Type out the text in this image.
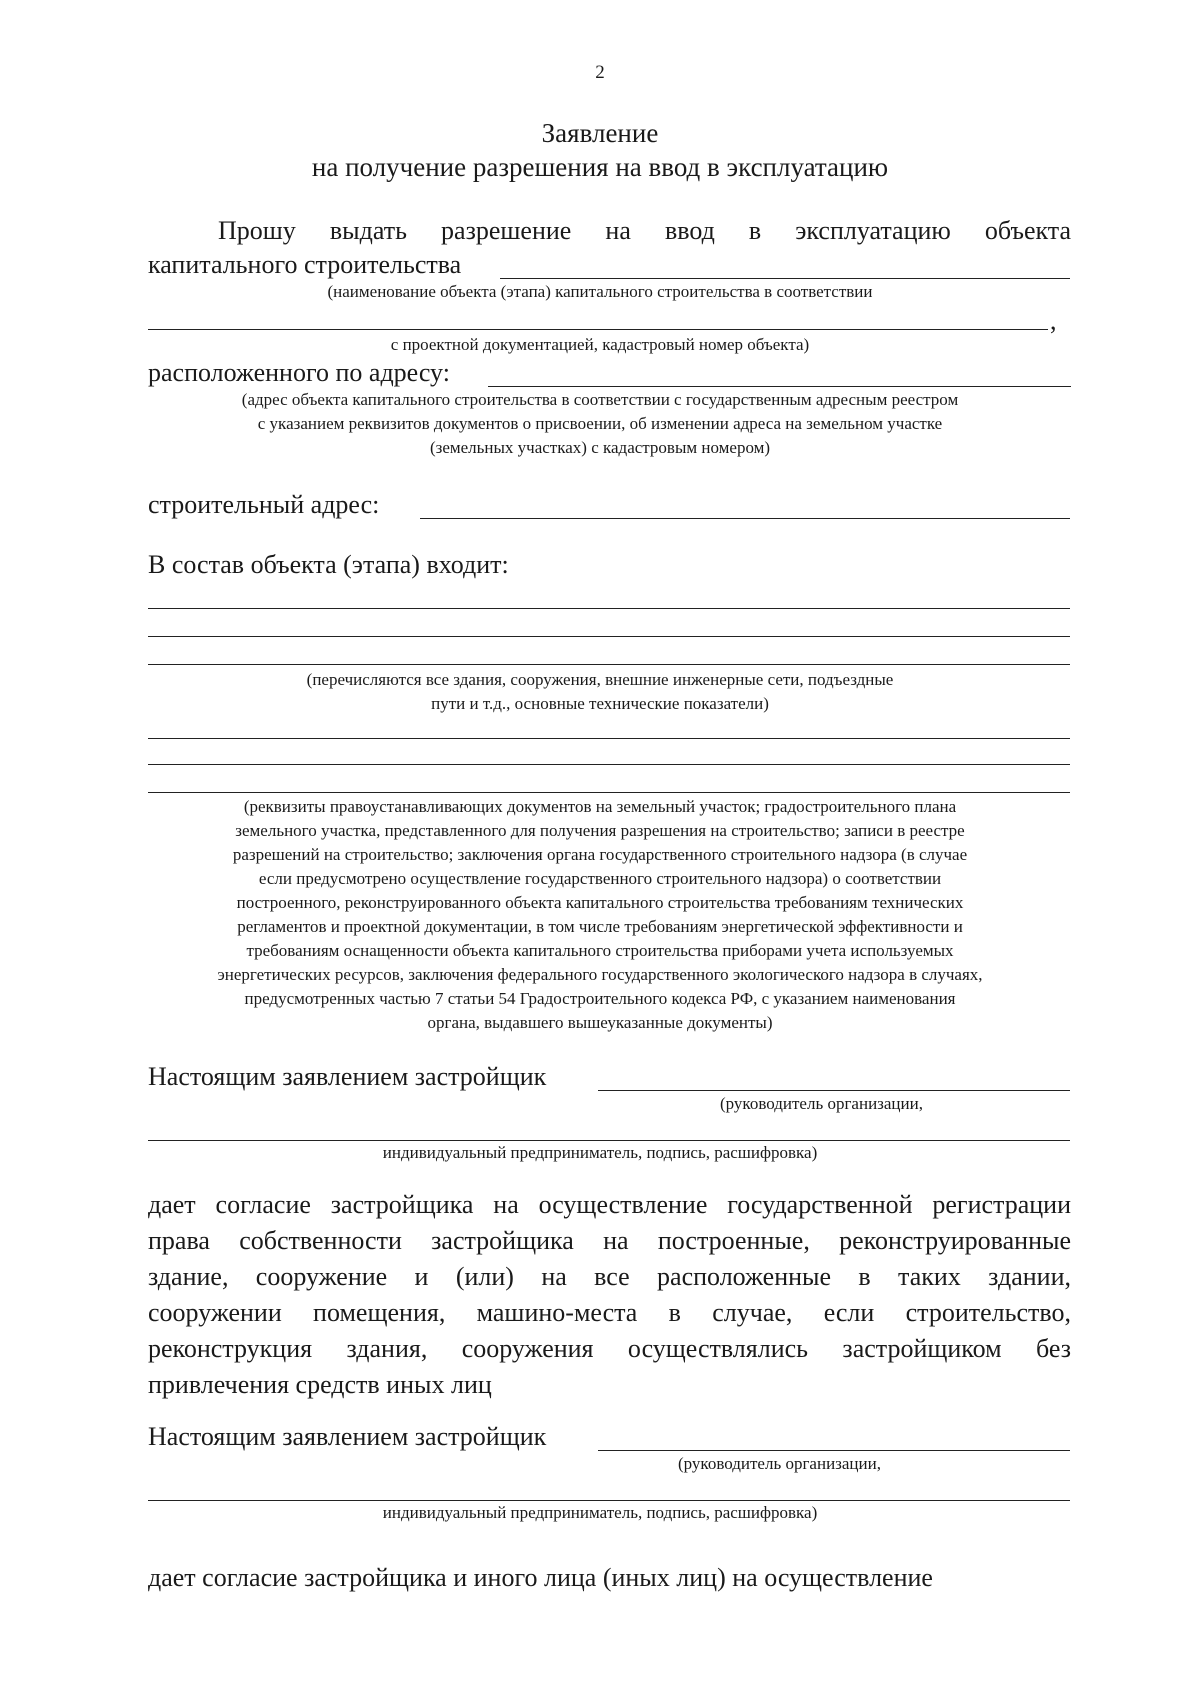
2
Заявление
на получение разрешения на ввод в эксплуатацию
Прошу выдать разрешение на ввод в эксплуатацию объекта
капитального строительства
(наименование объекта (этапа) капитального строительства в соответствии
,
с проектной документацией, кадастровый номер объекта)
расположенного по адресу:
(адрес объекта капитального строительства в соответствии с государственным адресным реестром
с указанием реквизитов документов о присвоении, об изменении адреса на земельном участке
(земельных участках) с кадастровым номером)
строительный адрес:
В состав объекта (этапа) входит:
(перечисляются все здания, сооружения, внешние инженерные сети, подъездные
пути и т.д., основные технические показатели)
(реквизиты правоустанавливающих документов на земельный участок; градостроительного плана
земельного участка, представленного для получения разрешения на строительство; записи в реестре
разрешений на строительство; заключения органа государственного строительного надзора (в случае
если предусмотрено осуществление государственного строительного надзора) о соответствии
построенного, реконструированного объекта капитального строительства требованиям технических
регламентов и проектной документации, в том числе требованиям энергетической эффективности и
требованиям оснащенности объекта капитального строительства приборами учета используемых
энергетических ресурсов, заключения федерального государственного экологического надзора в случаях,
предусмотренных частью 7 статьи 54 Градостроительного кодекса РФ, с указанием наименования
органа, выдавшего вышеуказанные документы)
Настоящим заявлением застройщик
(руководитель организации,
индивидуальный предприниматель, подпись, расшифровка)
дает согласие застройщика на осуществление государственной регистрации
права собственности застройщика на построенные, реконструированные
здание, сооружение и (или) на все расположенные в таких здании,
сооружении помещения, машино-места в случае, если строительство,
реконструкция здания, сооружения осуществлялись застройщиком без
привлечения средств иных лиц
Настоящим заявлением застройщик
(руководитель организации,
индивидуальный предприниматель, подпись, расшифровка)
дает согласие застройщика и иного лица (иных лиц) на осуществление
